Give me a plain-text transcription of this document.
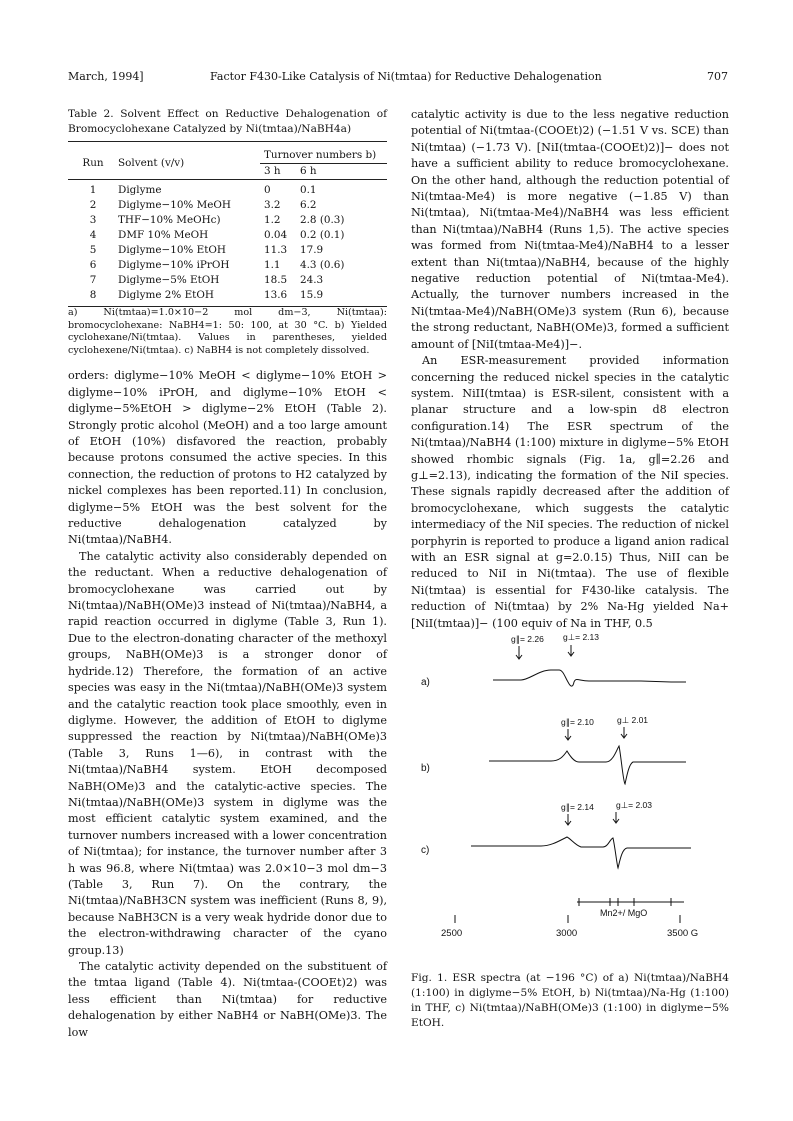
March, 1994]	Factor F430-Like Catalysis of Ni(tmtaa) for Reductive Dehalogenation	707

Table 2. Solvent Effect on Reductive Dehalogenation of Bromocyclohexane Catalyzed by Ni(tmtaa)/NaBH4a)

Run	Solvent (v/v)	Turnover numbers b)	
		3 h	6 h

1	Diglyme	0	0.1
2	Diglyme−10% MeOH	3.2	6.2
3	THF−10% MeOHc)	1.2	2.8 (0.3)
4	DMF 10% MeOH	0.04	0.2 (0.1)
5	Diglyme−10% EtOH	11.3	17.9
6	Diglyme−10% iPrOH	1.1	4.3 (0.6)
7	Diglyme−5% EtOH	18.5	24.3
8	Diglyme 2% EtOH	13.6	15.9

a) Ni(tmtaa)=1.0×10−2 mol dm−3, Ni(tmtaa): bromocyclohexane: NaBH4=1: 50: 100, at 30 °C. b) Yielded cyclohexane/Ni(tmtaa). Values in parentheses, yielded cyclohexene/Ni(tmtaa). c) NaBH4 is not completely dissolved.

orders: diglyme−10% MeOH < diglyme−10% EtOH > diglyme−10% iPrOH, and diglyme−10% EtOH < diglyme−5%EtOH > diglyme−2% EtOH (Table 2). Strongly protic alcohol (MeOH) and a too large amount of EtOH (10%) disfavored the reaction, probably because protons consumed the active species. In this connection, the reduction of protons to H2 catalyzed by nickel complexes has been reported.11) In conclusion, diglyme−5% EtOH was the best solvent for the reductive dehalogenation catalyzed by Ni(tmtaa)/NaBH4.

The catalytic activity also considerably depended on the reductant. When a reductive dehalogenation of bromocyclohexane was carried out by Ni(tmtaa)/NaBH(OMe)3 instead of Ni(tmtaa)/NaBH4, a rapid reaction occurred in diglyme (Table 3, Run 1). Due to the electron-donating character of the methoxyl groups, NaBH(OMe)3 is a stronger donor of hydride.12) Therefore, the formation of an active species was easy in the Ni(tmtaa)/NaBH(OMe)3 system and the catalytic reaction took place smoothly, even in diglyme. However, the addition of EtOH to diglyme suppressed the reaction by Ni(tmtaa)/NaBH(OMe)3 (Table 3, Runs 1—6), in contrast with the Ni(tmtaa)/NaBH4 system. EtOH decomposed NaBH(OMe)3 and the catalytic-active species. The Ni(tmtaa)/NaBH(OMe)3 system in diglyme was the most efficient catalytic system examined, and the turnover numbers increased with a lower concentration of Ni(tmtaa); for instance, the turnover number after 3 h was 96.8, where Ni(tmtaa) was 2.0×10−3 mol dm−3 (Table 3, Run 7). On the contrary, the Ni(tmtaa)/NaBH3CN system was inefficient (Runs 8, 9), because NaBH3CN is a very weak hydride donor due to the electron-withdrawing character of the cyano group.13)

The catalytic activity depended on the substituent of the tmtaa ligand (Table 4). Ni(tmtaa-(COOEt)2) was less efficient than Ni(tmtaa) for reductive dehalogenation by either NaBH4 or NaBH(OMe)3. The low

catalytic activity is due to the less negative reduction potential of Ni(tmtaa-(COOEt)2) (−1.51 V vs. SCE) than Ni(tmtaa) (−1.73 V). [NiI(tmtaa-(COOEt)2)]− does not have a sufficient ability to reduce bromocyclohexane. On the other hand, although the reduction potential of Ni(tmtaa-Me4) is more negative (−1.85 V) than Ni(tmtaa), Ni(tmtaa-Me4)/NaBH4 was less efficient than Ni(tmtaa)/NaBH4 (Runs 1,5). The active species was formed from Ni(tmtaa-Me4)/NaBH4 to a lesser extent than Ni(tmtaa)/NaBH4, because of the highly negative reduction potential of Ni(tmtaa-Me4). Actually, the turnover numbers increased in the Ni(tmtaa-Me4)/NaBH(OMe)3 system (Run 6), because the strong reductant, NaBH(OMe)3, formed a sufficient amount of [NiI(tmtaa-Me4)]−.

An ESR-measurement provided information concerning the reduced nickel species in the catalytic system. NiII(tmtaa) is ESR-silent, consistent with a planar structure and a low-spin d8 electron configuration.14) The ESR spectrum of the Ni(tmtaa)/NaBH4 (1:100) mixture in diglyme−5% EtOH showed rhombic signals (Fig. 1a, g∥=2.26 and g⊥=2.13), indicating the formation of the NiI species. These signals rapidly decreased after the addition of bromocyclohexane, which suggests the catalytic intermediacy of the NiI species. The reduction of nickel porphyrin is reported to produce a ligand anion radical with an ESR signal at g=2.0.15) Thus, NiII can be reduced to NiI in Ni(tmtaa). The use of flexible Ni(tmtaa) is essential for F430-like catalysis. The reduction of Ni(tmtaa) by 2% Na-Hg yielded Na+[NiI(tmtaa)]− (100 equiv of Na in THF, 0.5

a)
b)
c)
g∥= 2.26 g⊥= 2.13
g∥= 2.10	g⊥ 2.01
g∥= 2.14	g⊥= 2.03
Mn2+/ MgO
2500	3000	3500 G

Fig. 1. ESR spectra (at −196 °C) of a) Ni(tmtaa)/NaBH4 (1:100) in diglyme−5% EtOH, b) Ni(tmtaa)/Na-Hg (1:100) in THF, c) Ni(tmtaa)/NaBH(OMe)3 (1:100) in diglyme−5% EtOH.
